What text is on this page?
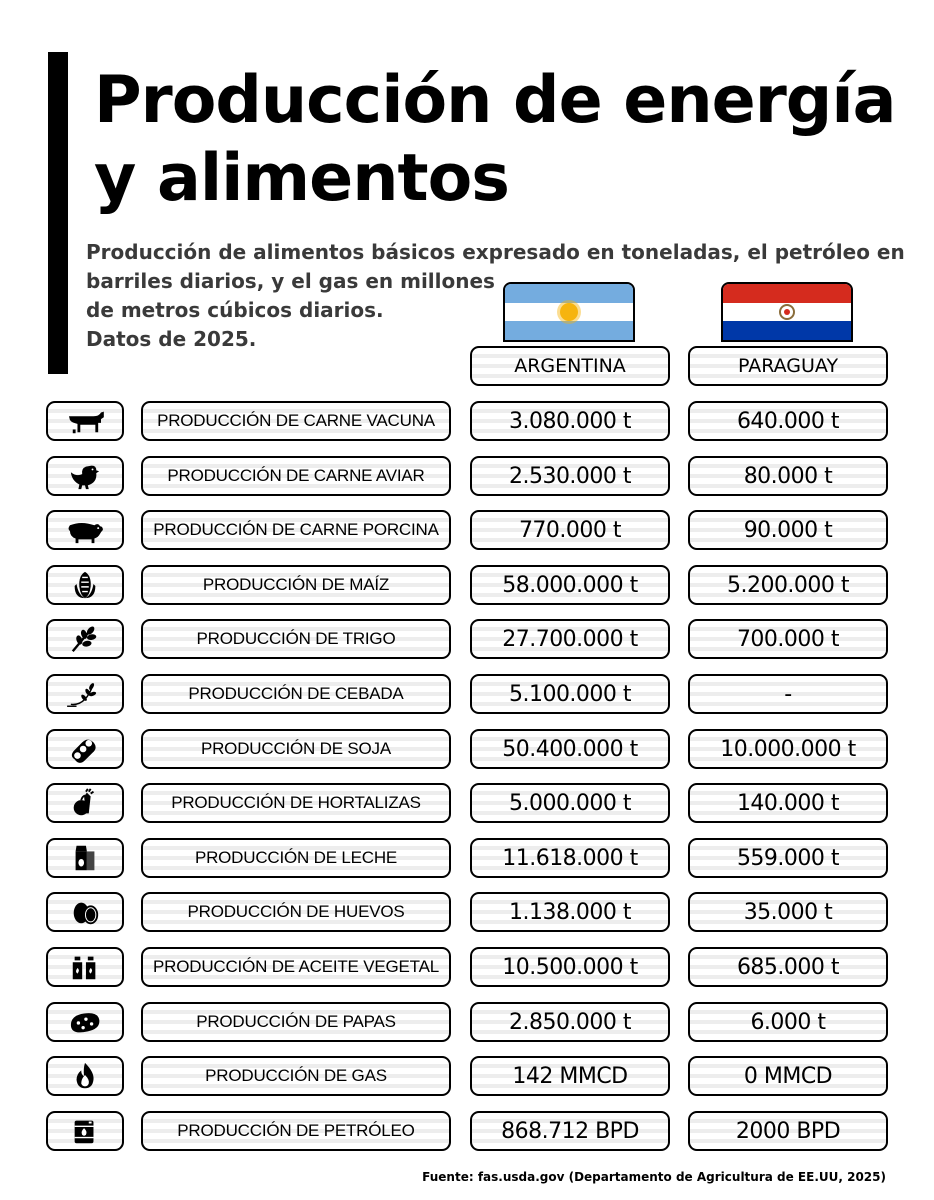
Producción de energía
y alimentos
Producción de alimentos básicos expresado en toneladas, el petróleo en
barriles diarios, y el gas en millones
de metros cúbicos diarios.
Datos de 2025.
ARGENTINA	PARAGUAY
PRODUCCIÓN DE CARNE VACUNA	3.080.000 t	640.000 t
PRODUCCIÓN DE CARNE AVIAR	2.530.000 t	80.000 t
PRODUCCIÓN DE CARNE PORCINA	770.000 t	90.000 t
PRODUCCIÓN DE MAÍZ	58.000.000 t	5.200.000 t
PRODUCCIÓN DE TRIGO	27.700.000 t	700.000 t
PRODUCCIÓN DE CEBADA	5.100.000 t	-
PRODUCCIÓN DE SOJA	50.400.000 t	10.000.000 t
PRODUCCIÓN DE HORTALIZAS	5.000.000 t	140.000 t
PRODUCCIÓN DE LECHE	11.618.000 t	559.000 t
PRODUCCIÓN DE HUEVOS	1.138.000 t	35.000 t
PRODUCCIÓN DE ACEITE VEGETAL	10.500.000 t	685.000 t
PRODUCCIÓN DE PAPAS	2.850.000 t	6.000 t
PRODUCCIÓN DE GAS	142 MMCD	0 MMCD
PRODUCCIÓN DE PETRÓLEO	868.712 BPD	2000 BPD
Fuente: fas.usda.gov (Departamento de Agricultura de EE.UU, 2025)
